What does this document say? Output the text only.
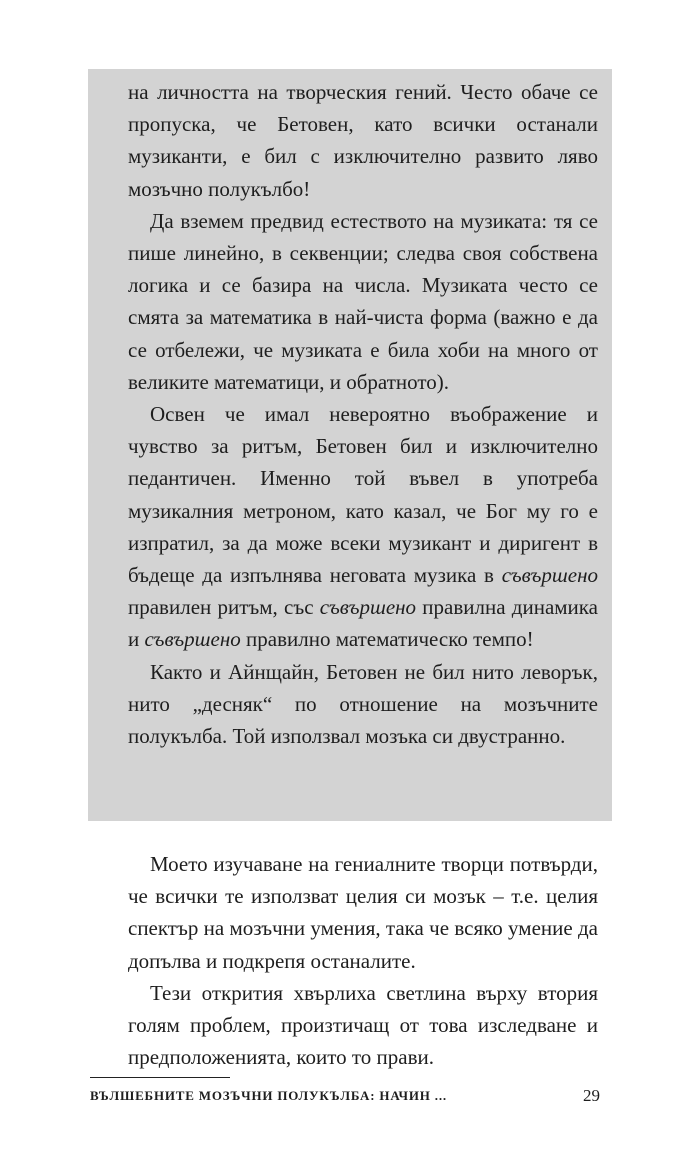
на личността на творческия гений. Често обаче се пропуска, че Бетовен, като всички останали музиканти, е бил с изключително развито ляво мозъчно полукълбо!

Да вземем предвид естеството на музиката: тя се пише линейно, в секвенции; следва своя собствена логика и се базира на числа. Музиката често се смята за математика в най-чиста форма (важно е да се отбележи, че музиката е била хоби на много от великите математици, и обратното).

Освен че имал невероятно въображение и чувство за ритъм, Бетовен бил и изключително педантичен. Именно той въвел в употреба музикалния метроном, като казал, че Бог му го е изпратил, за да може всеки музикант и диригент в бъдеще да изпълнява неговата музика в съвършено правилен ритъм, със съвършено правилна динамика и съвършено правилно математическо темпо!

Както и Айнщайн, Бетовен не бил нито левоpък, нито „десняк“ по отношение на мозъчните полукълба. Той използвал мозъка си двустранно.

Моето изучаване на гениалните творци потвърди, че всички те използват целия си мозък – т.е. целия спектър на мозъчни умения, така че всяко умение да допълва и подкрепя останалите.

Тези открития хвърлиха светлина върху втория голям проблем, произтичащ от това изследване и предположенията, които то прави.

ВЪЛШЕБНИТЕ МОЗЪЧНИ ПОЛУКЪЛБА: НАЧИН ...	29
